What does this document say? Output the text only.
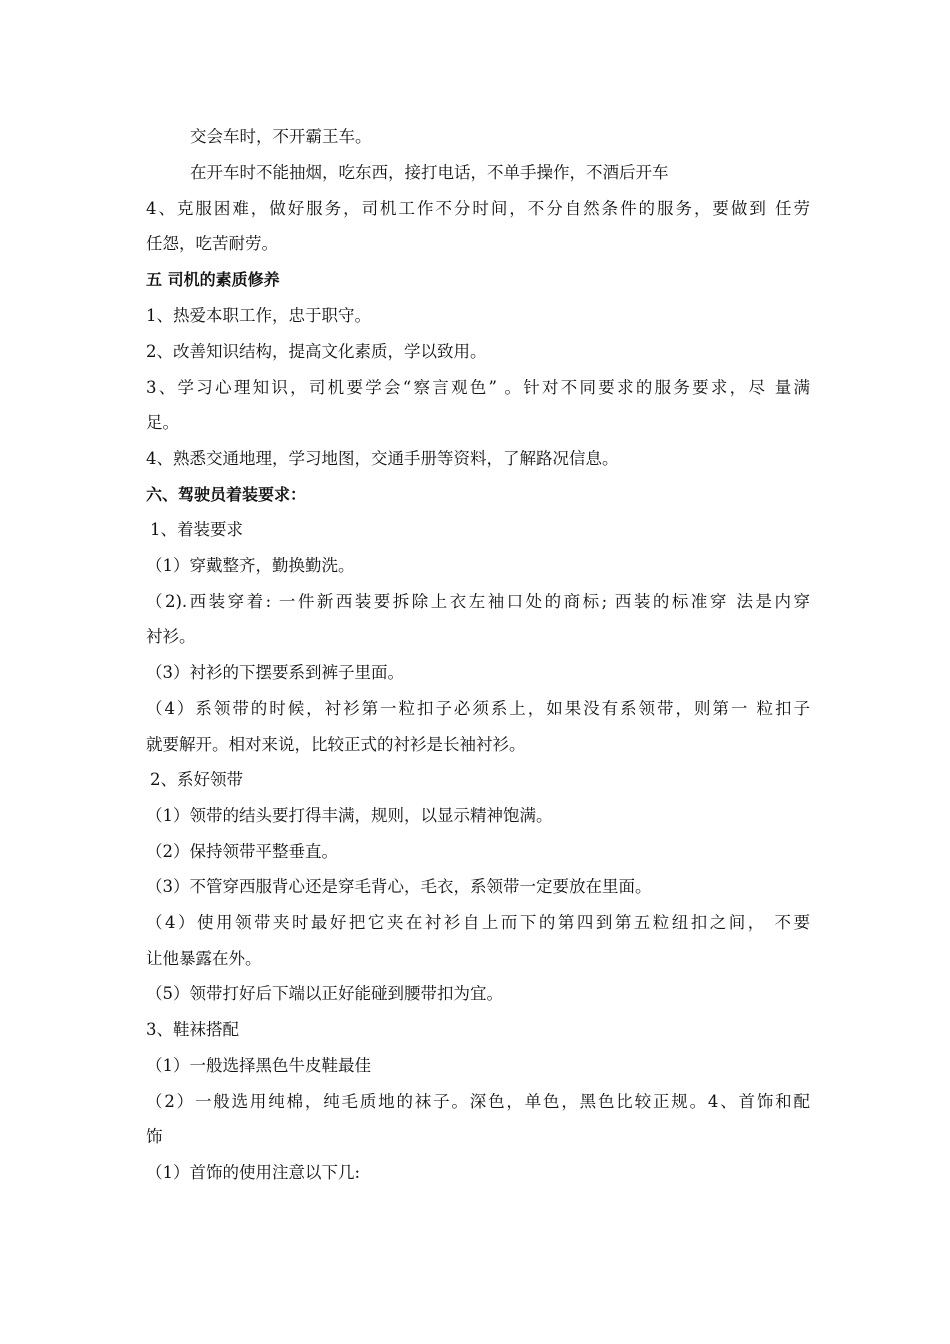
交会车时，不开霸王车。
在开车时不能抽烟，吃东西，接打电话，不单手操作，不酒后开车
4、克服困难，做好服务，司机工作不分时间，不分自然条件的服务，要做到 任劳
任怨，吃苦耐劳。
五 司机的素质修养
1、热爱本职工作，忠于职守。
2、改善知识结构，提高文化素质，学以致用。
3、学习心理知识，司机要学会“察言观色” 。针对不同要求的服务要求，尽 量满
足。
4、熟悉交通地理，学习地图，交通手册等资料，了解路况信息。
六、驾驶员着装要求：
1、着装要求
（1）穿戴整齐，勤换勤洗。
（2).西装穿着: 一件新西装要拆除上衣左袖口处的商标; 西装的标准穿 法是内穿
衬衫。
（3）衬衫的下摆要系到裤子里面。
（4）系领带的时候，衬衫第一粒扣子必须系上，如果没有系领带，则第一 粒扣子
就要解开。相对来说，比较正式的衬衫是长袖衬衫。
2、系好领带
（1）领带的结头要打得丰满，规则，以显示精神饱满。
（2）保持领带平整垂直。
（3）不管穿西服背心还是穿毛背心，毛衣，系领带一定要放在里面。
（4）使用领带夹时最好把它夹在衬衫自上而下的第四到第五粒纽扣之间， 不要
让他暴露在外。
（5）领带打好后下端以正好能碰到腰带扣为宜。
3、鞋袜搭配
（1）一般选择黑色牛皮鞋最佳
（2）一般选用纯棉，纯毛质地的袜子。深色，单色，黑色比较正规。4、首饰和配
饰
（1）首饰的使用注意以下几:
